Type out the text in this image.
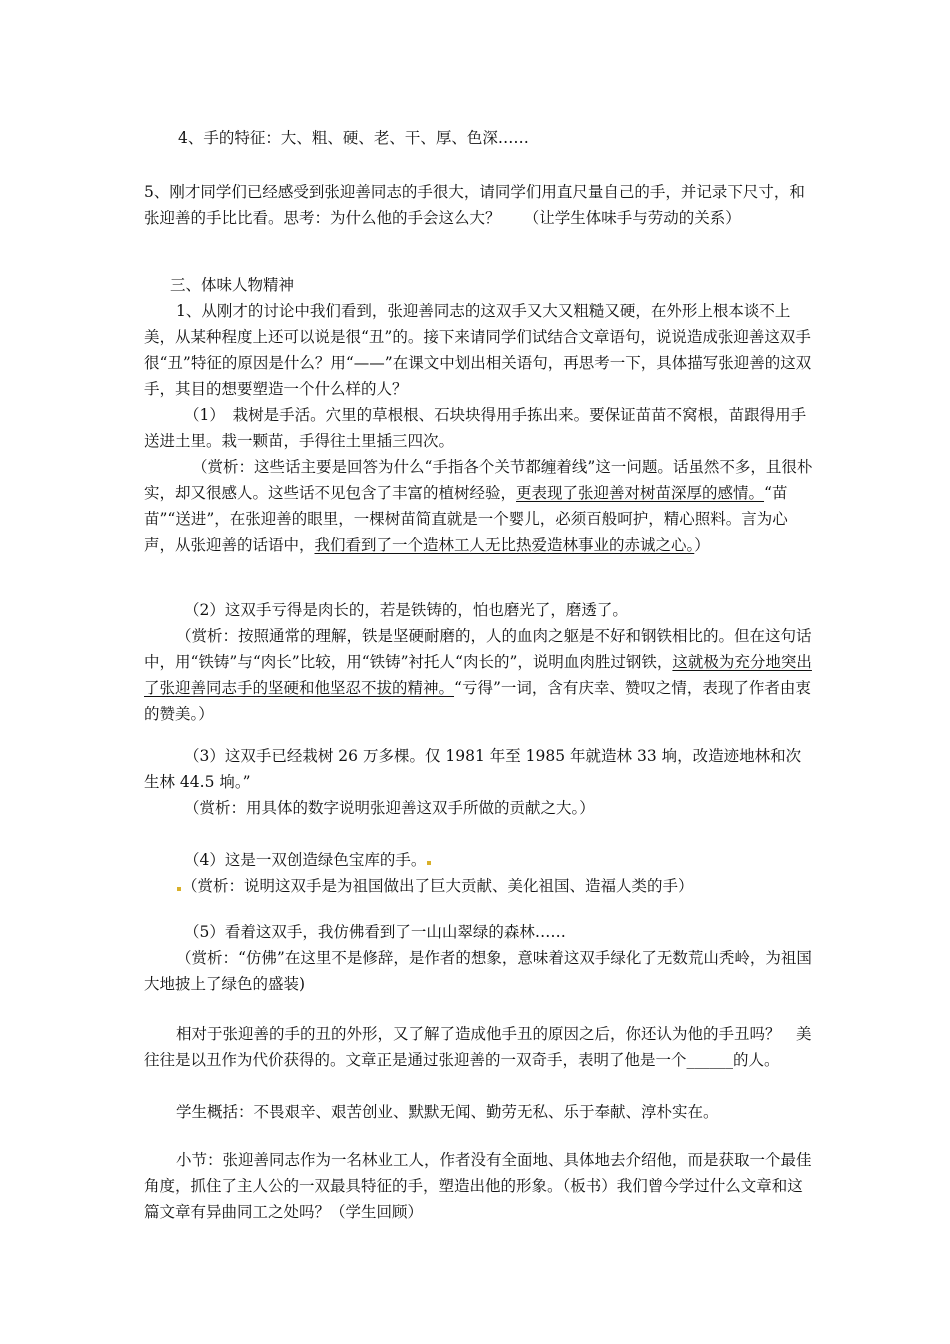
4、手的特征：大、粗、硬、老、干、厚、色深……

5、刚才同学们已经感受到张迎善同志的手很大，请同学们用直尺量自己的手，并记录下尺寸，和张迎善的手比比看。思考：为什么他的手会这么大？　　（让学生体味手与劳动的关系）

三、体味人物精神

1、从刚才的讨论中我们看到，张迎善同志的这双手又大又粗糙又硬，在外形上根本谈不上美，从某种程度上还可以说是很“丑”的。接下来请同学们试结合文章语句，说说造成张迎善这双手很“丑”特征的原因是什么？用“——”在课文中划出相关语句，再思考一下，具体描写张迎善的这双手，其目的想要塑造一个什么样的人？

（1）　栽树是手活。穴里的草根根、石块块得用手拣出来。要保证苗苗不窝根，苗跟得用手送进土里。栽一颗苗，手得往土里插三四次。

（赏析：这些话主要是回答为什么“手指各个关节都缠着线”这一问题。话虽然不多，且很朴实，却又很感人。这些话不见包含了丰富的植树经验，更表现了张迎善对树苗深厚的感情。“苗苗”“送进”，在张迎善的眼里，一棵树苗简直就是一个婴儿，必须百般呵护，精心照料。言为心声，从张迎善的话语中，我们看到了一个造林工人无比热爱造林事业的赤诚之心。）

（2）这双手亏得是肉长的，若是铁铸的，怕也磨光了，磨透了。

（赏析：按照通常的理解，铁是坚硬耐磨的，人的血肉之躯是不好和钢铁相比的。但在这句话中，用“铁铸”与“肉长”比较，用“铁铸”衬托人“肉长的”，说明血肉胜过钢铁，这就极为充分地突出了张迎善同志手的坚硬和他坚忍不拔的精神。“亏得”一词，含有庆幸、赞叹之情，表现了作者由衷的赞美。）

（3）这双手已经栽树 26 万多棵。仅 1981 年至 1985 年就造林 33 垧，改造迹地林和次生林 44.5 垧。”

（赏析：用具体的数字说明张迎善这双手所做的贡献之大。）

（4）这是一双创造绿色宝库的手。

（赏析：说明这双手是为祖国做出了巨大贡献、美化祖国、造福人类的手）

（5）看着这双手，我仿佛看到了一山山翠绿的森林……

（赏析：“仿佛”在这里不是修辞，是作者的想象，意味着这双手绿化了无数荒山秃岭，为祖国大地披上了绿色的盛装)

相对于张迎善的手的丑的外形，又了解了造成他手丑的原因之后，你还认为他的手丑吗？　美往往是以丑作为代价获得的。文章正是通过张迎善的一双奇手，表明了他是一个______的人。

学生概括：不畏艰辛、艰苦创业、默默无闻、勤劳无私、乐于奉献、淳朴实在。

小节：张迎善同志作为一名林业工人，作者没有全面地、具体地去介绍他，而是获取一个最佳角度，抓住了主人公的一双最具特征的手，塑造出他的形象。（板书）我们曾今学过什么文章和这篇文章有异曲同工之处吗？（学生回顾）
